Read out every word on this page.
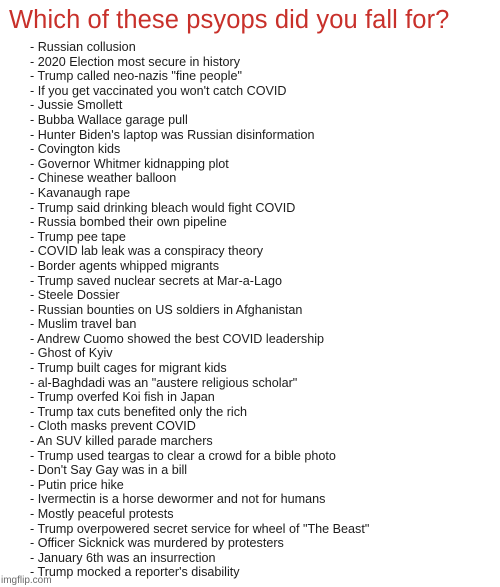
Which of these psyops did you fall for?
- Russian collusion
- 2020 Election most secure in history
- Trump called neo-nazis "fine people"
- If you get vaccinated you won't catch COVID
- Jussie Smollett
- Bubba Wallace garage pull
- Hunter Biden's laptop was Russian disinformation
- Covington kids
- Governor Whitmer kidnapping plot
- Chinese weather balloon
- Kavanaugh rape
- Trump said drinking bleach would fight COVID
- Russia bombed their own pipeline
- Trump pee tape
- COVID lab leak was a conspiracy theory
- Border agents whipped migrants
- Trump saved nuclear secrets at Mar-a-Lago
- Steele Dossier
- Russian bounties on US soldiers in Afghanistan
- Muslim travel ban
- Andrew Cuomo showed the best COVID leadership
- Ghost of Kyiv
- Trump built cages for migrant kids
- al-Baghdadi was an "austere religious scholar"
- Trump overfed Koi fish in Japan
- Trump tax cuts benefited only the rich
- Cloth masks prevent COVID
- An SUV killed parade marchers
- Trump used teargas to clear a crowd for a bible photo
- Don't Say Gay was in a bill
- Putin price hike
- Ivermectin is a horse dewormer and not for humans
- Mostly peaceful protests
- Trump overpowered secret service for wheel of "The Beast"
- Officer Sicknick was murdered by protesters
- January 6th was an insurrection
- Trump mocked a reporter's disability
imgflip.com
